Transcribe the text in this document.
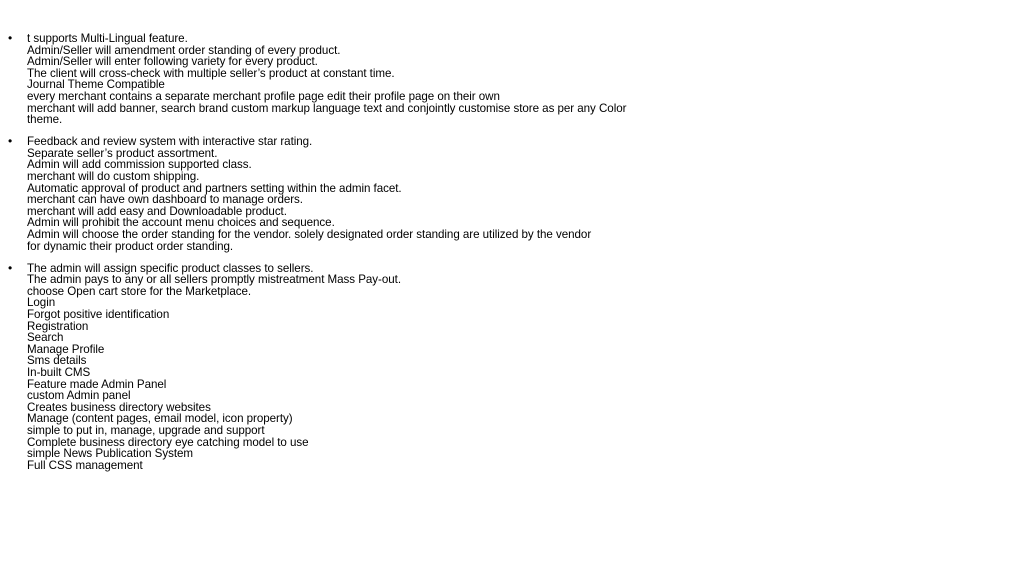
• t supports Multi-Lingual feature.
Admin/Seller will amendment order standing of every product.
Admin/Seller will enter following variety for every product.
The client will cross-check with multiple seller’s product at constant time.
Journal Theme Compatible
every merchant contains a separate merchant profile page edit their profile page on their own
merchant will add banner, search brand custom markup language text and conjointly customise store as per any Color
theme.
• Feedback and review system with interactive star rating.
Separate seller’s product assortment.
Admin will add commission supported class.
merchant will do custom shipping.
Automatic approval of product and partners setting within the admin facet.
merchant can have own dashboard to manage orders.
merchant will add easy and Downloadable product.
Admin will prohibit the account menu choices and sequence.
Admin will choose the order standing for the vendor. solely designated order standing are utilized by the vendor
for dynamic their product order standing.
• The admin will assign specific product classes to sellers.
The admin pays to any or all sellers promptly mistreatment Mass Pay-out.
choose Open cart store for the Marketplace.
Login
Forgot positive identification
Registration
Search
Manage Profile
Sms details
In-built CMS
Feature made Admin Panel
custom Admin panel
Creates business directory websites
Manage (content pages, email model, icon property)
simple to put in, manage, upgrade and support
Complete business directory eye catching model to use
simple News Publication System
Full CSS management
